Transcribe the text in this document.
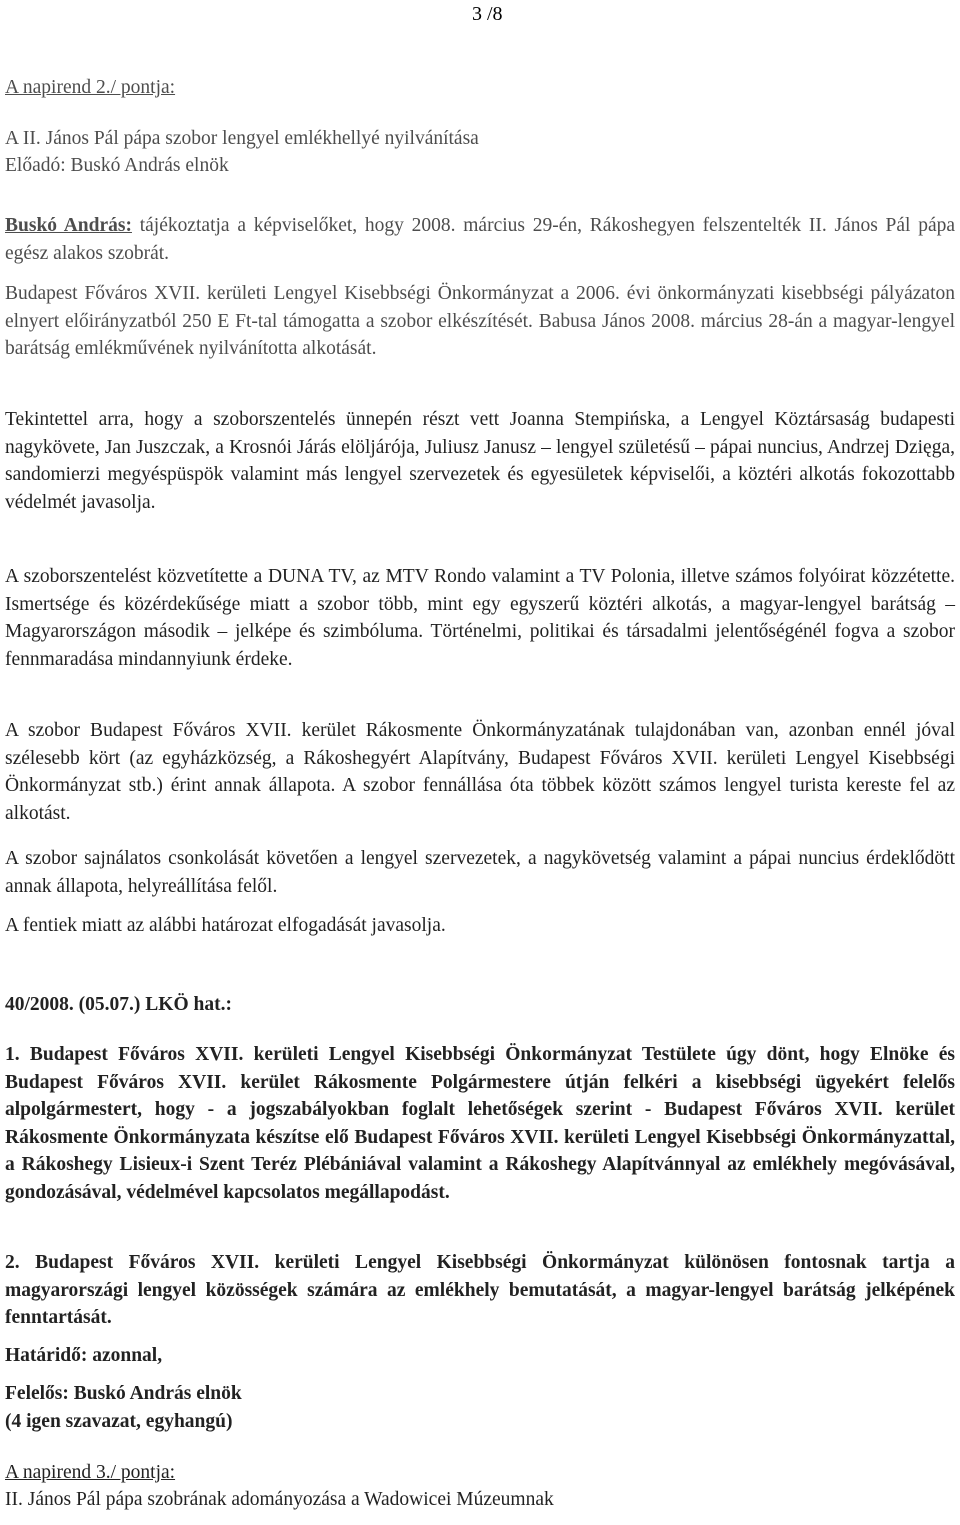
3 /8

A napirend 2./ pontja:

A II. János Pál pápa szobor lengyel emlékhellyé nyilvánítása

Előadó: Buskó András elnök

Buskó András: tájékoztatja a képviselőket, hogy 2008. március 29-én, Rákoshegyen felszentelték II. János Pál pápa egész alakos szobrát.

Budapest Főváros XVII. kerületi Lengyel Kisebbségi Önkormányzat a 2006. évi önkormányzati kisebbségi pályázaton elnyert előirányzatból 250 E Ft-tal támogatta a szobor elkészítését. Babusa János 2008. március 28-án a magyar-lengyel barátság emlékművének nyilvánította alkotását.

Tekintettel arra, hogy a szoborszentelés ünnepén részt vett Joanna Stempińska, a Lengyel Köztársaság budapesti nagykövete, Jan Juszczak, a Krosnói Járás elöljárója, Juliusz Janusz – lengyel születésű – pápai nuncius, Andrzej Dzięga, sandomierzi megyéspüspök valamint más lengyel szervezetek és egyesületek képviselői, a köztéri alkotás fokozottabb védelmét javasolja.

A szoborszentelést közvetítette a DUNA TV, az MTV Rondo valamint a TV Polonia, illetve számos folyóirat közzétette. Ismertsége és közérdekűsége miatt a szobor több, mint egy egyszerű köztéri alkotás, a magyar-lengyel barátság – Magyarországon második – jelképe és szimbóluma. Történelmi, politikai és társadalmi jelentőségénél fogva a szobor fennmaradása mindannyiunk érdeke.

A szobor Budapest Főváros XVII. kerület Rákosmente Önkormányzatának tulajdonában van, azonban ennél jóval szélesebb kört (az egyházközség, a Rákoshegyért Alapítvány, Budapest Főváros XVII. kerületi Lengyel Kisebbségi Önkormányzat stb.) érint annak állapota. A szobor fennállása óta többek között számos lengyel turista kereste fel az alkotást.

A szobor sajnálatos csonkolását követően a lengyel szervezetek, a nagykövetség valamint a pápai nuncius érdeklődött annak állapota, helyreállítása felől.

A fentiek miatt az alábbi határozat elfogadását javasolja.

40/2008. (05.07.) LKÖ hat.:

1. Budapest Főváros XVII. kerületi Lengyel Kisebbségi Önkormányzat Testülete úgy dönt, hogy Elnöke és Budapest Főváros XVII. kerület Rákosmente Polgármestere útján felkéri a kisebbségi ügyekért felelős alpolgármestert, hogy - a jogszabályokban foglalt lehetőségek szerint - Budapest Főváros XVII. kerület Rákosmente Önkormányzata készítse elő Budapest Főváros XVII. kerületi Lengyel Kisebbségi Önkormányzattal, a Rákoshegy Lisieux-i Szent Teréz Plébániával valamint a Rákoshegy Alapítvánnyal az emlékhely megóvásával, gondozásával, védelmével kapcsolatos megállapodást.

2. Budapest Főváros XVII. kerületi Lengyel Kisebbségi Önkormányzat különösen fontosnak tartja a magyarországi lengyel közösségek számára az emlékhely bemutatását, a magyar-lengyel barátság jelképének fenntartását.

Határidő: azonnal,

Felelős: Buskó András elnök

(4 igen szavazat, egyhangú)

A napirend 3./ pontja:

II. János Pál pápa szobrának adományozása a Wadowicei Múzeumnak
